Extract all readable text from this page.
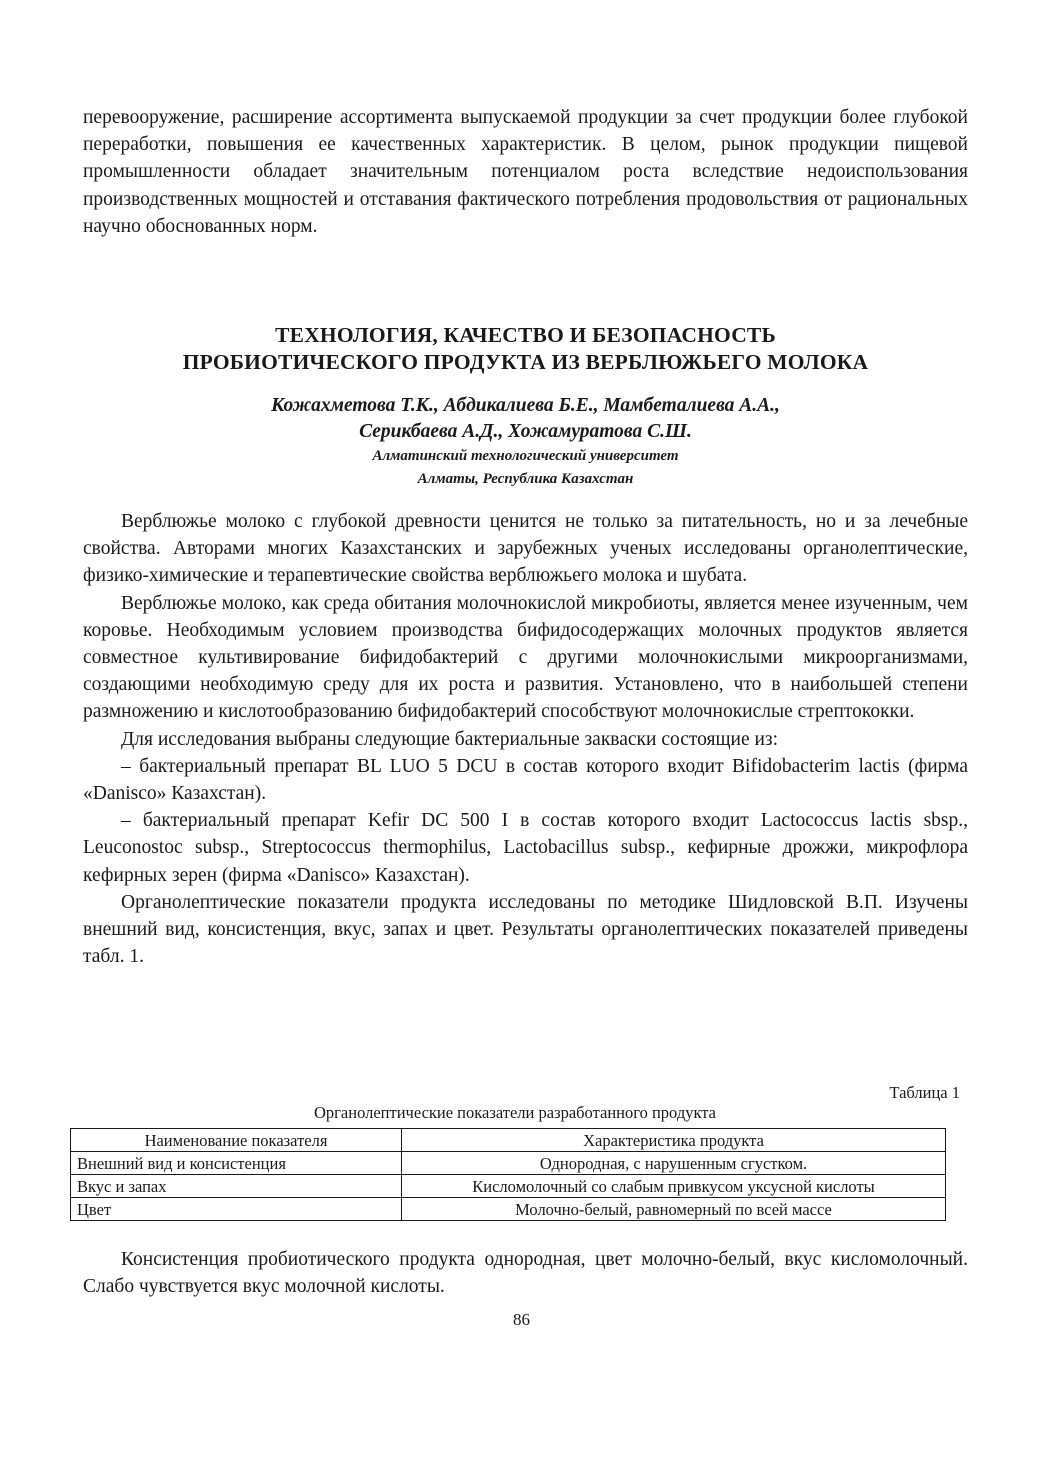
перевооружение, расширение ассортимента выпускаемой продукции за счет продукции более глубокой переработки, повышения ее качественных характеристик. В целом, рынок продукции пищевой промышленности обладает значительным потенциалом роста вследствие недоиспользования производственных мощностей и отставания фактического потребления продовольствия от рациональных научно обоснованных норм.

ТЕХНОЛОГИЯ, КАЧЕСТВО И БЕЗОПАСНОСТЬ

ПРОБИОТИЧЕСКОГО ПРОДУКТА ИЗ ВЕРБЛЮЖЬЕГО МОЛОКА

Кожахметова Т.К., Абдикалиева Б.Е., Мамбеталиева А.А.,

Серикбаева А.Д., Хожамуратова С.Ш.

Алматинский технологический университет

Алматы, Республика Казахстан

Верблюжье молоко с глубокой древности ценится не только за питательность, но и за лечебные свойства. Авторами многих Казахстанских и зарубежных ученых исследованы органолептические, физико-химические и терапевтические свойства верблюжьего молока и шубата.

Верблюжье молоко, как среда обитания молочнокислой микробиоты, является менее изученным, чем коровье. Необходимым условием производства бифидосодержащих молочных продуктов является совместное культивирование бифидобактерий с другими молочнокислыми микроорганизмами, создающими необходимую среду для их роста и развития. Установлено, что в наибольшей степени размножению и кислотообразованию бифидобактерий способствуют молочнокислые стрептококки.

Для исследования выбраны следующие бактериальные закваски состоящие из:

– бактериальный препарат BL LUO 5 DCU в состав которого входит Bifidobacterim lactis (фирма «Danisco» Казахстан).

– бактериальный препарат Kefir DC 500 I в состав которого входит Lactococcus lactis sbsp., Leuconostoc subsp., Streptococcus thermophilus, Lactobacillus subsp., кефирные дрожжи, микрофлора кефирных зерен (фирма «Danisco» Казахстан).

Органолептические показатели продукта исследованы по методике Шидловской В.П. Изучены внешний вид, консистенция, вкус, запах и цвет. Результаты органолептических показателей приведены табл. 1.

Таблица 1

Органолептические показатели разработанного продукта

Наименование показателя	Характеристика продукта
Внешний вид и консистенция	Однородная, с нарушенным сгустком.
Вкус и запах	Кисломолочный со слабым привкусом уксусной кислоты
Цвет	Молочно-белый, равномерный по всей массе

Консистенция пробиотического продукта однородная, цвет молочно-белый, вкус кисломолочный. Слабо чувствуется вкус молочной кислоты.

86
